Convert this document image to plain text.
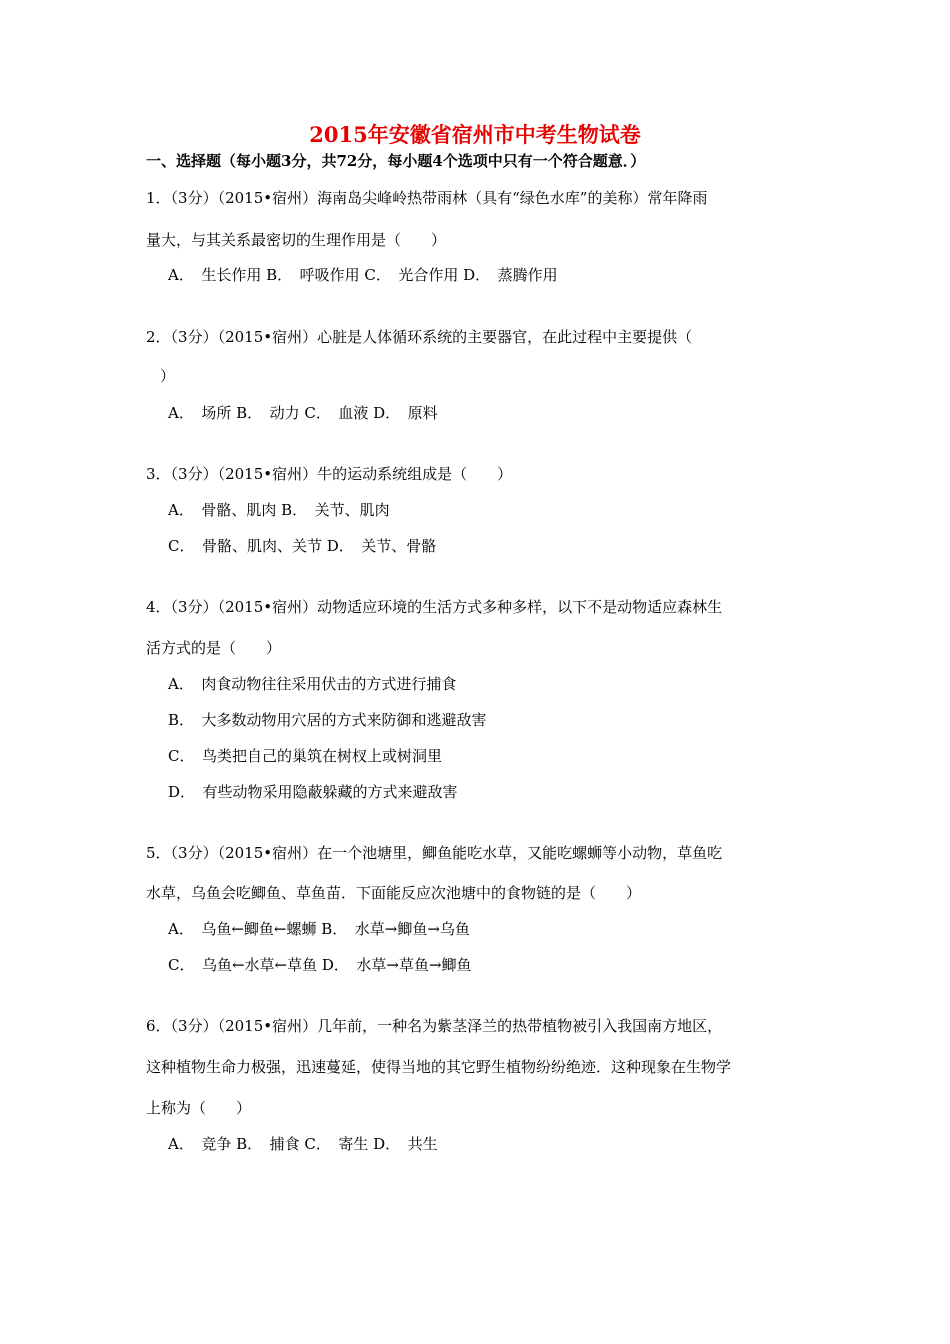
2015年安徽省宿州市中考生物试卷
一、选择题（每小题3分，共72分，每小题4个选项中只有一个符合题意．）
1．（3分）（2015•宿州）海南岛尖峰岭热带雨林（具有“绿色水库”的美称）常年降雨
量大，与其关系最密切的生理作用是（　　）
A．　生长作用 B．　呼吸作用 C．　光合作用 D．　蒸腾作用
2．（3分）（2015•宿州）心脏是人体循环系统的主要器官，在此过程中主要提供（
）
A．　场所 B．　动力 C．　血液 D．　原料
3．（3分）（2015•宿州）牛的运动系统组成是（　　）
A．　骨骼、肌肉 B．　关节、肌肉
C．　骨骼、肌肉、关节 D．　关节、骨骼
4．（3分）（2015•宿州）动物适应环境的生活方式多种多样，以下不是动物适应森林生
活方式的是（　　）
A．　肉食动物往往采用伏击的方式进行捕食
B．　大多数动物用穴居的方式来防御和逃避敌害
C．　鸟类把自己的巢筑在树杈上或树洞里
D．　有些动物采用隐蔽躲藏的方式来避敌害
5．（3分）（2015•宿州）在一个池塘里，鲫鱼能吃水草，又能吃螺蛳等小动物，草鱼吃
水草，乌鱼会吃鲫鱼、草鱼苗．下面能反应次池塘中的食物链的是（　　）
A．　乌鱼←鲫鱼←螺蛳 B．　水草→鲫鱼→乌鱼
C．　乌鱼←水草←草鱼 D．　水草→草鱼→鲫鱼
6．（3分）（2015•宿州）几年前，一种名为紫茎泽兰的热带植物被引入我国南方地区，
这种植物生命力极强，迅速蔓延，使得当地的其它野生植物纷纷绝迹．这种现象在生物学
上称为（　　）
A．　竞争 B．　捕食 C．　寄生 D．　共生
